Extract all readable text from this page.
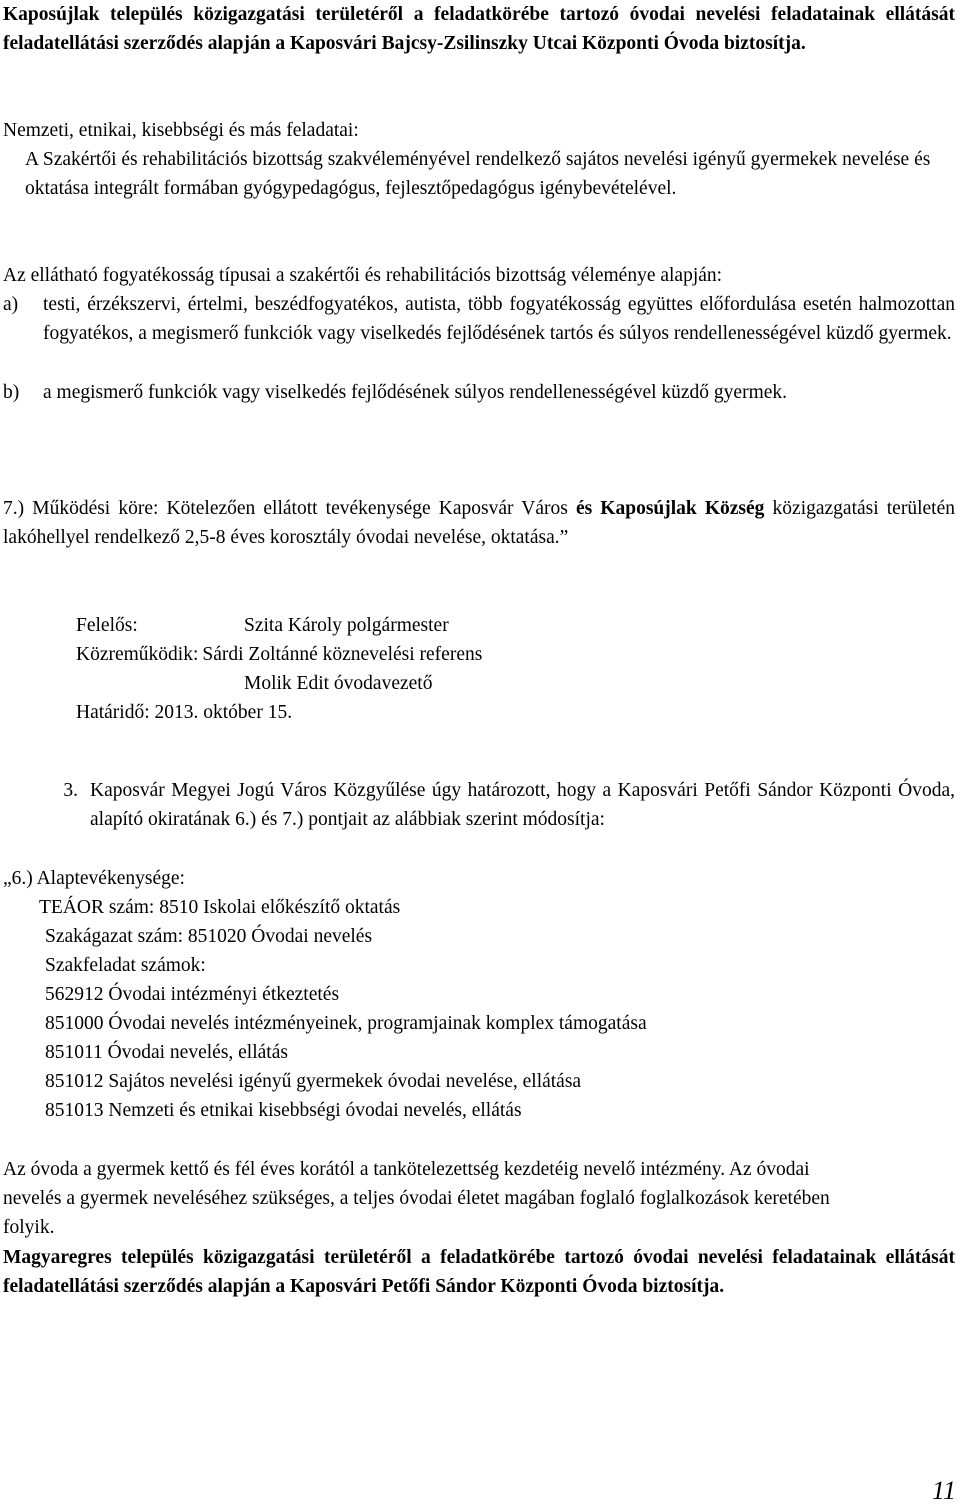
Kaposújlak település közigazgatási területéről a feladatkörébe tartozó óvodai nevelési feladatainak ellátását feladatellátási szerződés alapján a Kaposvári Bajcsy-Zsilinszky Utcai Központi Óvoda biztosítja.

Nemzeti, etnikai, kisebbségi és más feladatai:

A Szakértői és rehabilitációs bizottság szakvéleményével rendelkező sajátos nevelési igényű gyermekek nevelése és oktatása integrált formában gyógypedagógus, fejlesztőpedagógus igénybevételével.

Az ellátható fogyatékosság típusai a szakértői és rehabilitációs bizottság véleménye alapján:

a)	testi, érzékszervi, értelmi, beszédfogyatékos, autista, több fogyatékosság együttes előfordulása esetén halmozottan fogyatékos, a megismerő funkciók vagy viselkedés fejlődésének tartós és súlyos rendellenességével küzdő gyermek.
b)	a megismerő funkciók vagy viselkedés fejlődésének súlyos rendellenességével küzdő gyermek.

7.) Működési köre: Kötelezően ellátott tevékenysége Kaposvár Város és Kaposújlak Község közigazgatási területén lakóhellyel rendelkező 2,5-8 éves korosztály óvodai nevelése, oktatása.”

Felelős:	Szita Károly polgármester
Közreműködik: Sárdi Zoltánné köznevelési referens
Molik Edit óvodavezető
Határidő: 2013. október 15.
3. Kaposvár Megyei Jogú Város Közgyűlése úgy határozott, hogy a Kaposvári Petőfi Sándor Központi Óvoda, alapító okiratának 6.) és 7.) pontjait az alábbiak szerint módosítja:

„6.) Alaptevékenysége:

TEÁOR szám: 8510 Iskolai előkészítő oktatás

Szakágazat szám: 851020 Óvodai nevelés

Szakfeladat számok:

562912 Óvodai intézményi étkeztetés
851000 Óvodai nevelés intézményeinek, programjainak komplex támogatása
851011 Óvodai nevelés, ellátás
851012 Sajátos nevelési igényű gyermekek óvodai nevelése, ellátása
851013 Nemzeti és etnikai kisebbségi óvodai nevelés, ellátás

Az óvoda a gyermek kettő és fél éves korától a tankötelezettség kezdetéig nevelő intézmény. Az óvodai nevelés a gyermek neveléséhez szükséges, a teljes óvodai életet magában foglaló foglalkozások keretében folyik.

Magyaregres település közigazgatási területéről a feladatkörébe tartozó óvodai nevelési feladatainak ellátását feladatellátási szerződés alapján a Kaposvári Petőfi Sándor Központi Óvoda biztosítja.

11
